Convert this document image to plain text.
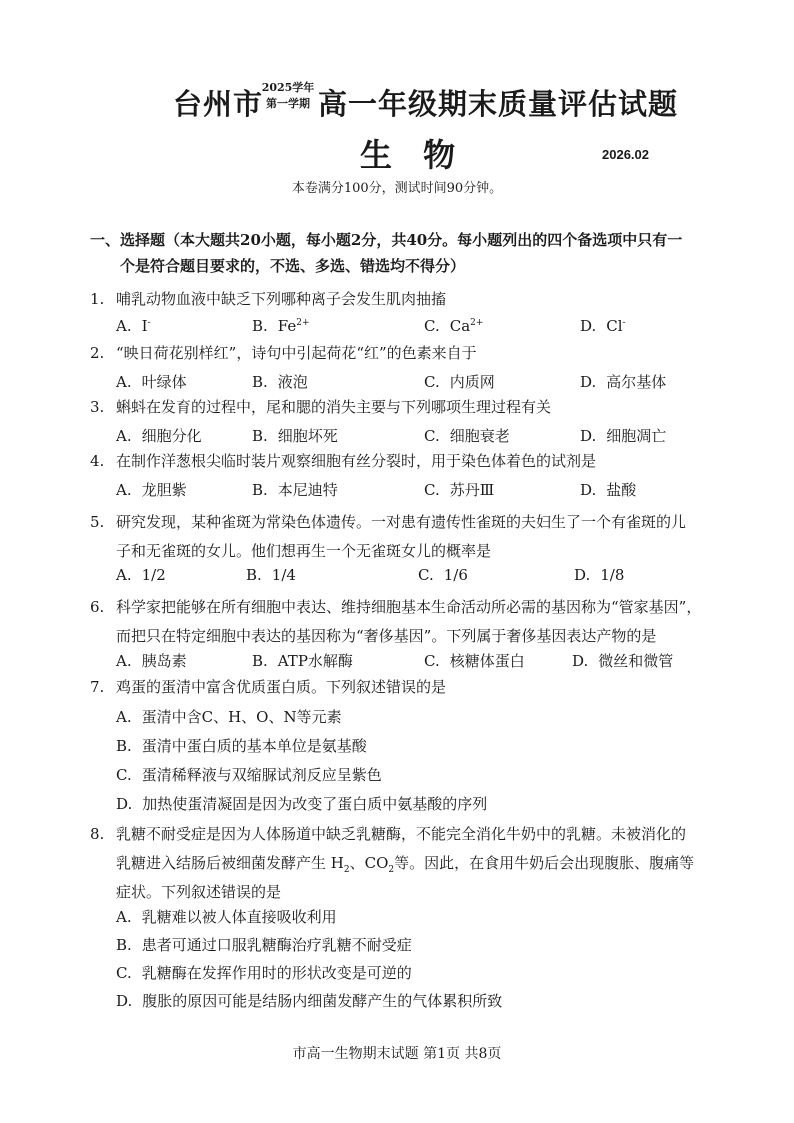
台州市
2025学年
第一学期 高一年级期末质量评估试题
生 物	2026.02
本卷满分100分，测试时间90分钟。
一、选择题（本大题共20小题，每小题2分，共40分。每小题列出的四个备选项中只有一
个是符合题目要求的，不选、多选、错选均不得分）
1. 哺乳动物血液中缺乏下列哪种离子会发生肌肉抽搐
A. I-	B. $Fe^{2+}$	C. $Ca^{2+}$	D. Cl-
2. “映日荷花别样红”，诗句中引起荷花“红”的色素来自于
A. 叶绿体	B. 液泡	C. 内质网	D. 高尔基体
3. 蝌蚪在发育的过程中，尾和腮的消失主要与下列哪项生理过程有关
A. 细胞分化	B. 细胞坏死	C. 细胞衰老	D. 细胞凋亡
4. 在制作洋葱根尖临时装片观察细胞有丝分裂时，用于染色体着色的试剂是
A. 龙胆紫	B. 本尼迪特	C. 苏丹Ⅲ	D. 盐酸
5. 研究发现，某种雀斑为常染色体遗传。一对患有遗传性雀斑的夫妇生了一个有雀斑的儿
子和无雀斑的女儿。他们想再生一个无雀斑女儿的概率是
A. 1/2	B. 1/4	C. 1/6	D. 1/8
6. 科学家把能够在所有细胞中表达、维持细胞基本生命活动所必需的基因称为“管家基因”，
而把只在特定细胞中表达的基因称为“奢侈基因”。下列属于奢侈基因表达产物的是
A. 胰岛素	B. ATP水解酶	C. 核糖体蛋白	D. 微丝和微管
7. 鸡蛋的蛋清中富含优质蛋白质。下列叙述错误的是
A. 蛋清中含C、H、O、N等元素
B. 蛋清中蛋白质的基本单位是氨基酸
C. 蛋清稀释液与双缩脲试剂反应呈紫色
D. 加热使蛋清凝固是因为改变了蛋白质中氨基酸的序列
8. 乳糖不耐受症是因为人体肠道中缺乏乳糖酶，不能完全消化牛奶中的乳糖。未被消化的
乳糖进入结肠后被细菌发酵产生 $H_2$、$CO_2$等。因此，在食用牛奶后会出现腹胀、腹痛等
症状。下列叙述错误的是
A. 乳糖难以被人体直接吸收利用
B. 患者可通过口服乳糖酶治疗乳糖不耐受症
C. 乳糖酶在发挥作用时的形状改变是可逆的
D. 腹胀的原因可能是结肠内细菌发酵产生的气体累积所致
市高一生物期末试题 第1页 共8页
